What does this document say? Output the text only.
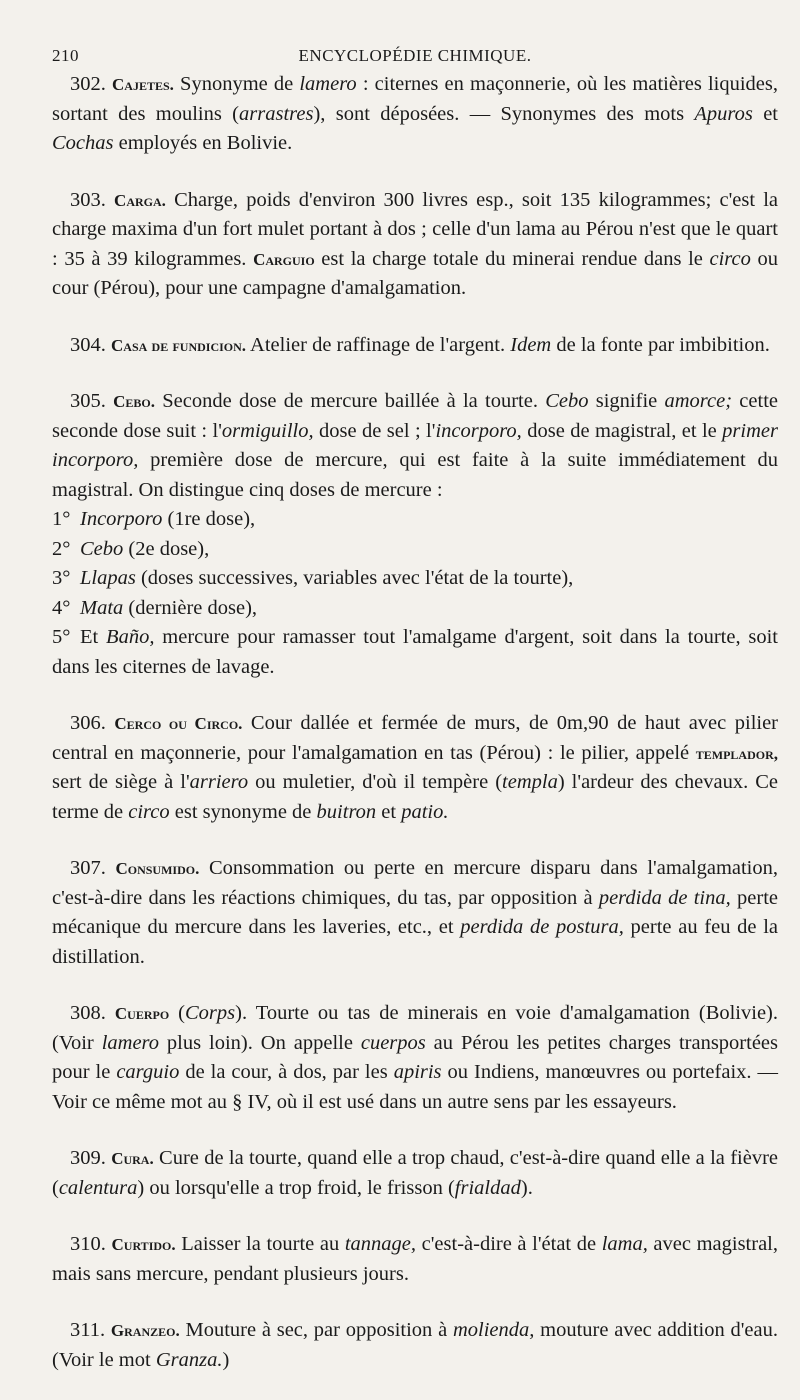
210	ENCYCLOPÉDIE CHIMIQUE.

302. Cajetes. Synonyme de lamero : citernes en maçonnerie, où les matières liquides, sortant des moulins (arrastres), sont déposées. — Synonymes des mots Apuros et Cochas employés en Bolivie.

303. Carga. Charge, poids d'environ 300 livres esp., soit 135 kilogrammes; c'est la charge maxima d'un fort mulet portant à dos ; celle d'un lama au Pérou n'est que le quart : 35 à 39 kilogrammes. Carguio est la charge totale du minerai rendue dans le circo ou cour (Pérou), pour une campagne d'amalgamation.

304. Casa de fundicion. Atelier de raffinage de l'argent. Idem de la fonte par imbibition.

305. Cebo. Seconde dose de mercure baillée à la tourte. Cebo signifie amorce; cette seconde dose suit : l'ormiguillo, dose de sel ; l'incorporo, dose de magistral, et le primer incorporo, première dose de mercure, qui est faite à la suite immédiatement du magistral. On distingue cinq doses de mercure :
1° Incorporo (1re dose),
2° Cebo (2e dose),
3° Llapas (doses successives, variables avec l'état de la tourte),
4° Mata (dernière dose),
5° Et Baño, mercure pour ramasser tout l'amalgame d'argent, soit dans la tourte, soit dans les citernes de lavage.

306. Cerco ou Circo. Cour dallée et fermée de murs, de 0m,90 de haut avec pilier central en maçonnerie, pour l'amalgamation en tas (Pérou) : le pilier, appelé templador, sert de siège à l'arriero ou muletier, d'où il tempère (templa) l'ardeur des chevaux. Ce terme de circo est synonyme de buitron et patio.

307. Consumido. Consommation ou perte en mercure disparu dans l'amalgamation, c'est-à-dire dans les réactions chimiques, du tas, par opposition à perdida de tina, perte mécanique du mercure dans les laveries, etc., et perdida de postura, perte au feu de la distillation.

308. Cuerpo (Corps). Tourte ou tas de minerais en voie d'amalgamation (Bolivie). (Voir lamero plus loin). On appelle cuerpos au Pérou les petites charges transportées pour le carguio de la cour, à dos, par les apiris ou Indiens, manœuvres ou portefaix. — Voir ce même mot au § IV, où il est usé dans un autre sens par les essayeurs.

309. Cura. Cure de la tourte, quand elle a trop chaud, c'est-à-dire quand elle a la fièvre (calentura) ou lorsqu'elle a trop froid, le frisson (frialdad).

310. Curtido. Laisser la tourte au tannage, c'est-à-dire à l'état de lama, avec magistral, mais sans mercure, pendant plusieurs jours.

311. Granzeo. Mouture à sec, par opposition à molienda, mouture avec addition d'eau. (Voir le mot Granza.)
